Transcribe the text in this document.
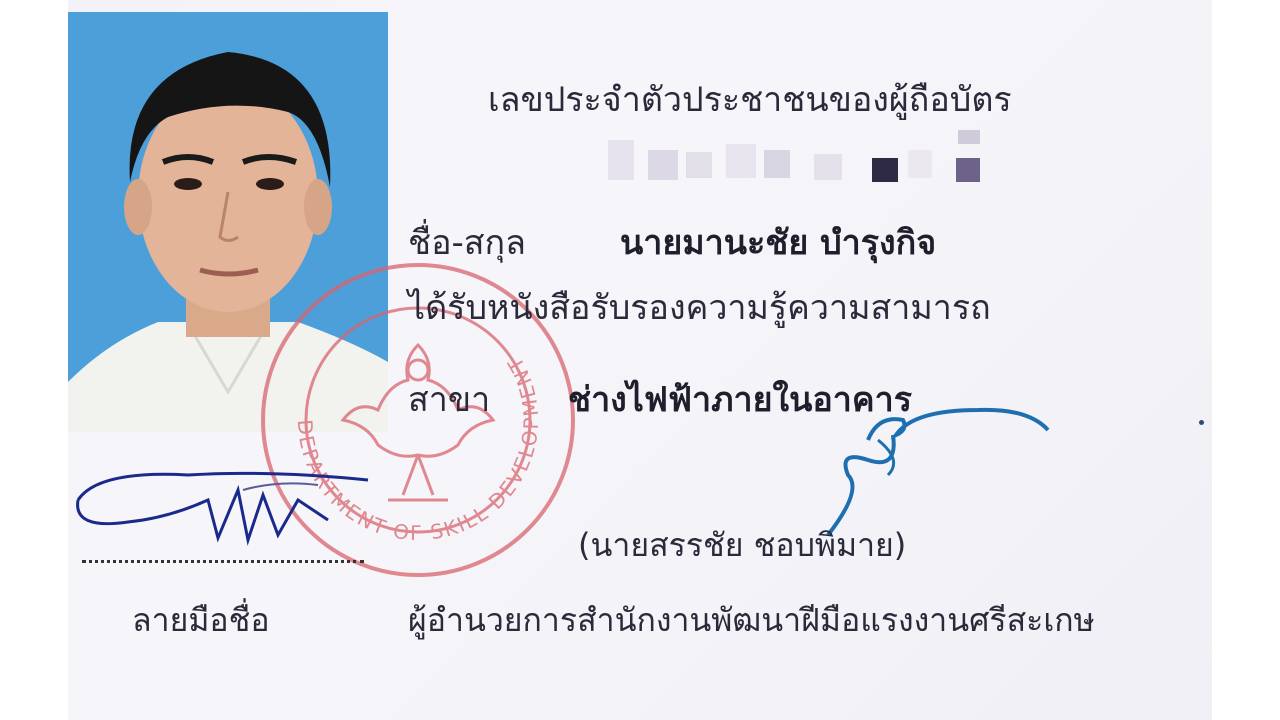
เลขประจำตัวประชาชนของผู้ถือบัตร
DEPARTMENT OF SKILL DEVELOPMENT
ชื่อ-สกุล	นายมานะชัย บำรุงกิจ
ได้รับหนังสือรับรองความรู้ความสามารถ
สาขา ช่างไฟฟ้าภายในอาคาร
(นายสรรชัย ชอบพิมาย)
ลายมือชื่อ	ผู้อำนวยการสำนักงานพัฒนาฝีมือแรงงานศรีสะเกษ
